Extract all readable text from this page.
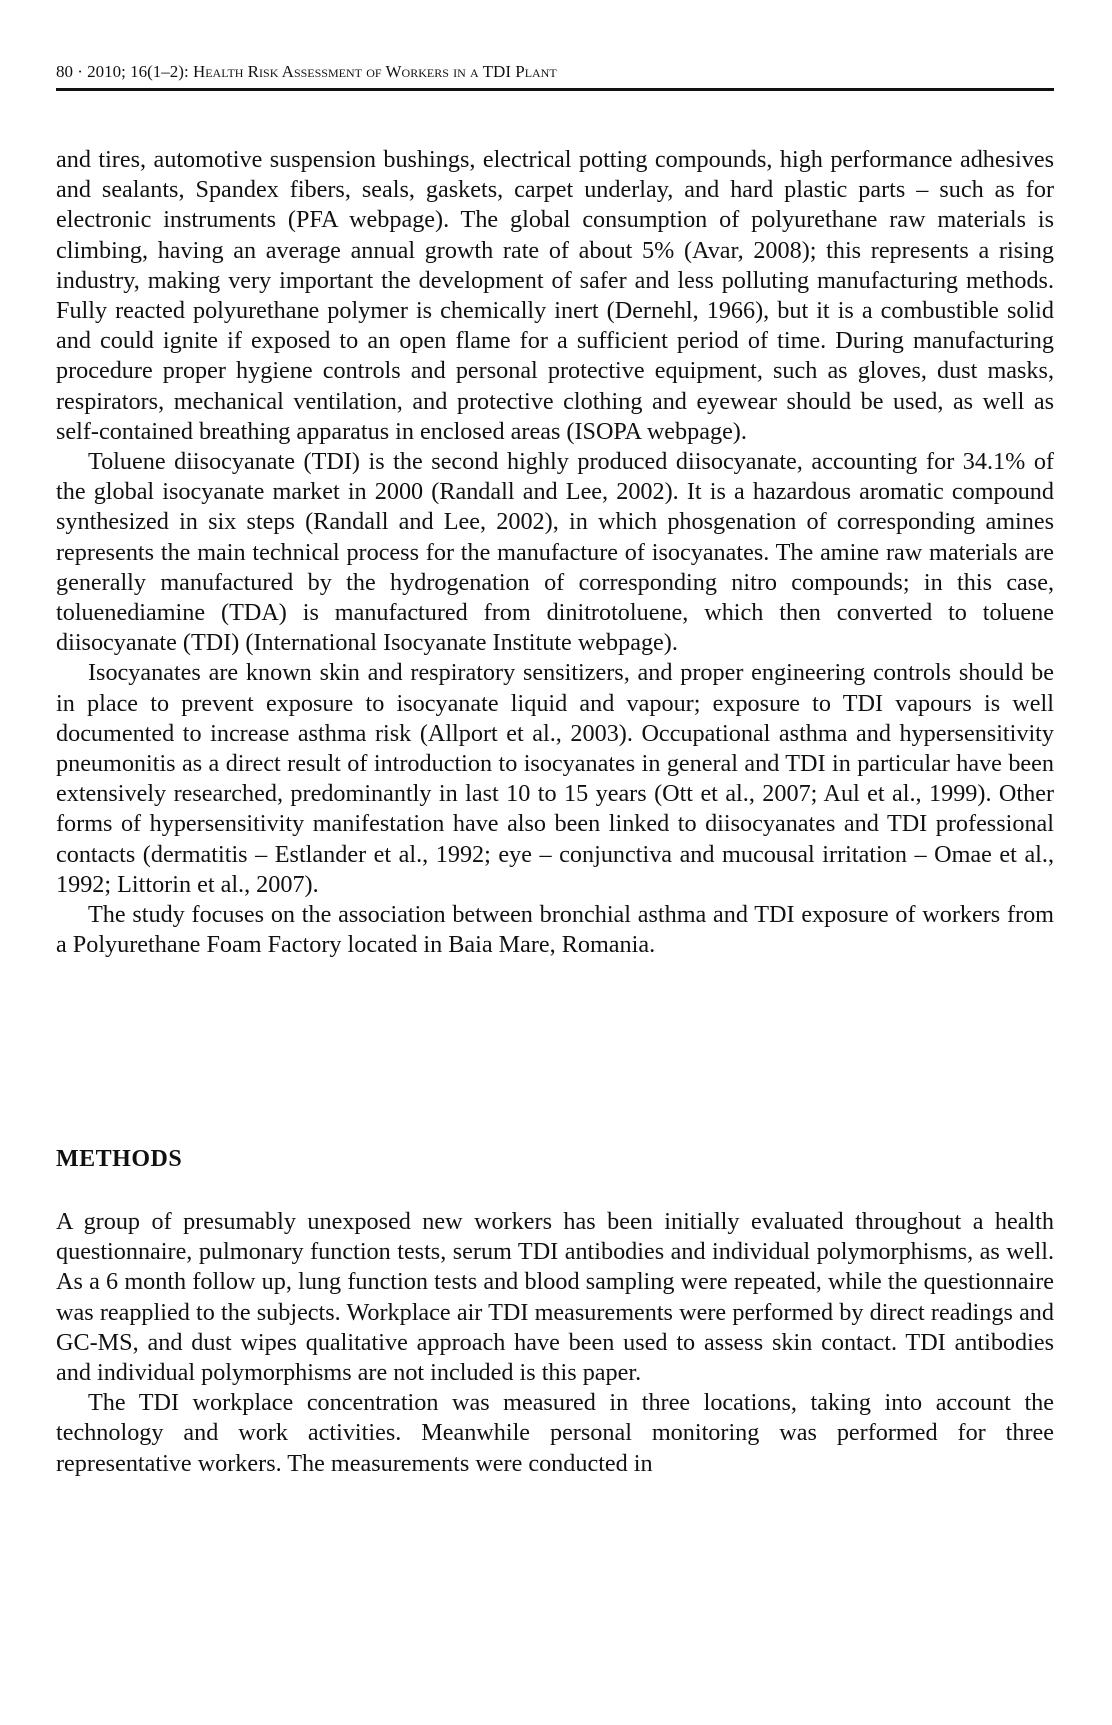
80 · 2010; 16(1–2): Health Risk Assessment of Workers in a TDI Plant

and tires, automotive suspension bushings, electrical potting compounds, high performance adhesives and sealants, Spandex fibers, seals, gaskets, carpet underlay, and hard plastic parts – such as for electronic instruments (PFA webpage). The global consumption of polyurethane raw materials is climbing, having an average annual growth rate of about 5% (Avar, 2008); this represents a rising industry, making very important the development of safer and less polluting manufacturing methods. Fully reacted polyurethane polymer is chemically inert (Dernehl, 1966), but it is a combustible solid and could ignite if exposed to an open flame for a sufficient period of time. During manufacturing procedure proper hygiene controls and personal protective equipment, such as gloves, dust masks, respirators, mechanical ventilation, and protective clothing and eyewear should be used, as well as self-contained breathing apparatus in enclosed areas (ISOPA webpage).

Toluene diisocyanate (TDI) is the second highly produced diisocyanate, accounting for 34.1% of the global isocyanate market in 2000 (Randall and Lee, 2002). It is a hazardous aromatic compound synthesized in six steps (Randall and Lee, 2002), in which phosgenation of corresponding amines represents the main technical process for the manufacture of isocyanates. The amine raw materials are generally manufactured by the hydrogenation of corresponding nitro compounds; in this case, toluenediamine (TDA) is manufactured from dinitrotoluene, which then converted to toluene diisocyanate (TDI) (International Isocyanate Institute webpage).

Isocyanates are known skin and respiratory sensitizers, and proper engineering controls should be in place to prevent exposure to isocyanate liquid and vapour; exposure to TDI vapours is well documented to increase asthma risk (Allport et al., 2003). Occupational asthma and hypersensitivity pneumonitis as a direct result of introduction to isocyanates in general and TDI in particular have been extensively researched, predominantly in last 10 to 15 years (Ott et al., 2007; Aul et al., 1999). Other forms of hypersensitivity manifestation have also been linked to diisocyanates and TDI professional contacts (dermatitis – Estlander et al., 1992; eye – conjunctiva and mucousal irritation – Omae et al., 1992; Littorin et al., 2007).

The study focuses on the association between bronchial asthma and TDI exposure of workers from a Polyurethane Foam Factory located in Baia Mare, Romania.

METHODS

A group of presumably unexposed new workers has been initially evaluated throughout a health questionnaire, pulmonary function tests, serum TDI antibodies and individual polymorphisms, as well. As a 6 month follow up, lung function tests and blood sampling were repeated, while the questionnaire was reapplied to the subjects. Workplace air TDI measurements were performed by direct readings and GC-MS, and dust wipes qualitative approach have been used to assess skin contact. TDI antibodies and individual polymorphisms are not included is this paper.

The TDI workplace concentration was measured in three locations, taking into account the technology and work activities. Meanwhile personal monitoring was performed for three representative workers. The measurements were conducted in
